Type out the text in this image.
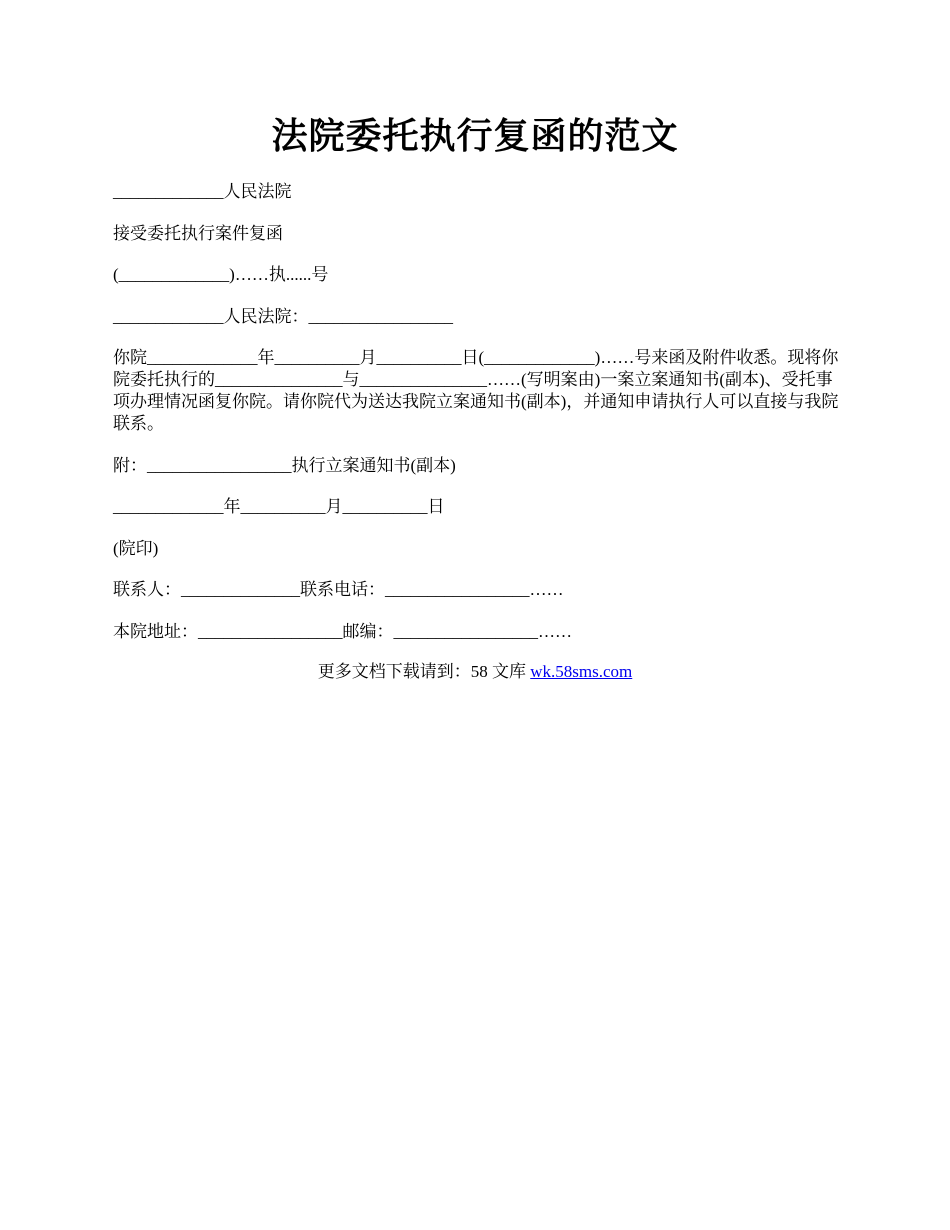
法院委托执行复函的范文

_____________人民法院

接受委托执行案件复函

(_____________)……执......号

_____________人民法院：_________________

你院_____________年__________月__________日(_____________)……号来函及附件收悉。现将你院委托执行的_______________与_______________……(写明案由)一案立案通知书(副本)、受托事项办理情况函复你院。请你院代为送达我院立案通知书(副本)，并通知申请执行人可以直接与我院联系。

附：_________________执行立案通知书(副本)

_____________年__________月__________日

(院印)

联系人：______________联系电话：_________________……

本院地址：_________________邮编：_________________……

更多文档下载请到：58 文库 wk.58sms.com
